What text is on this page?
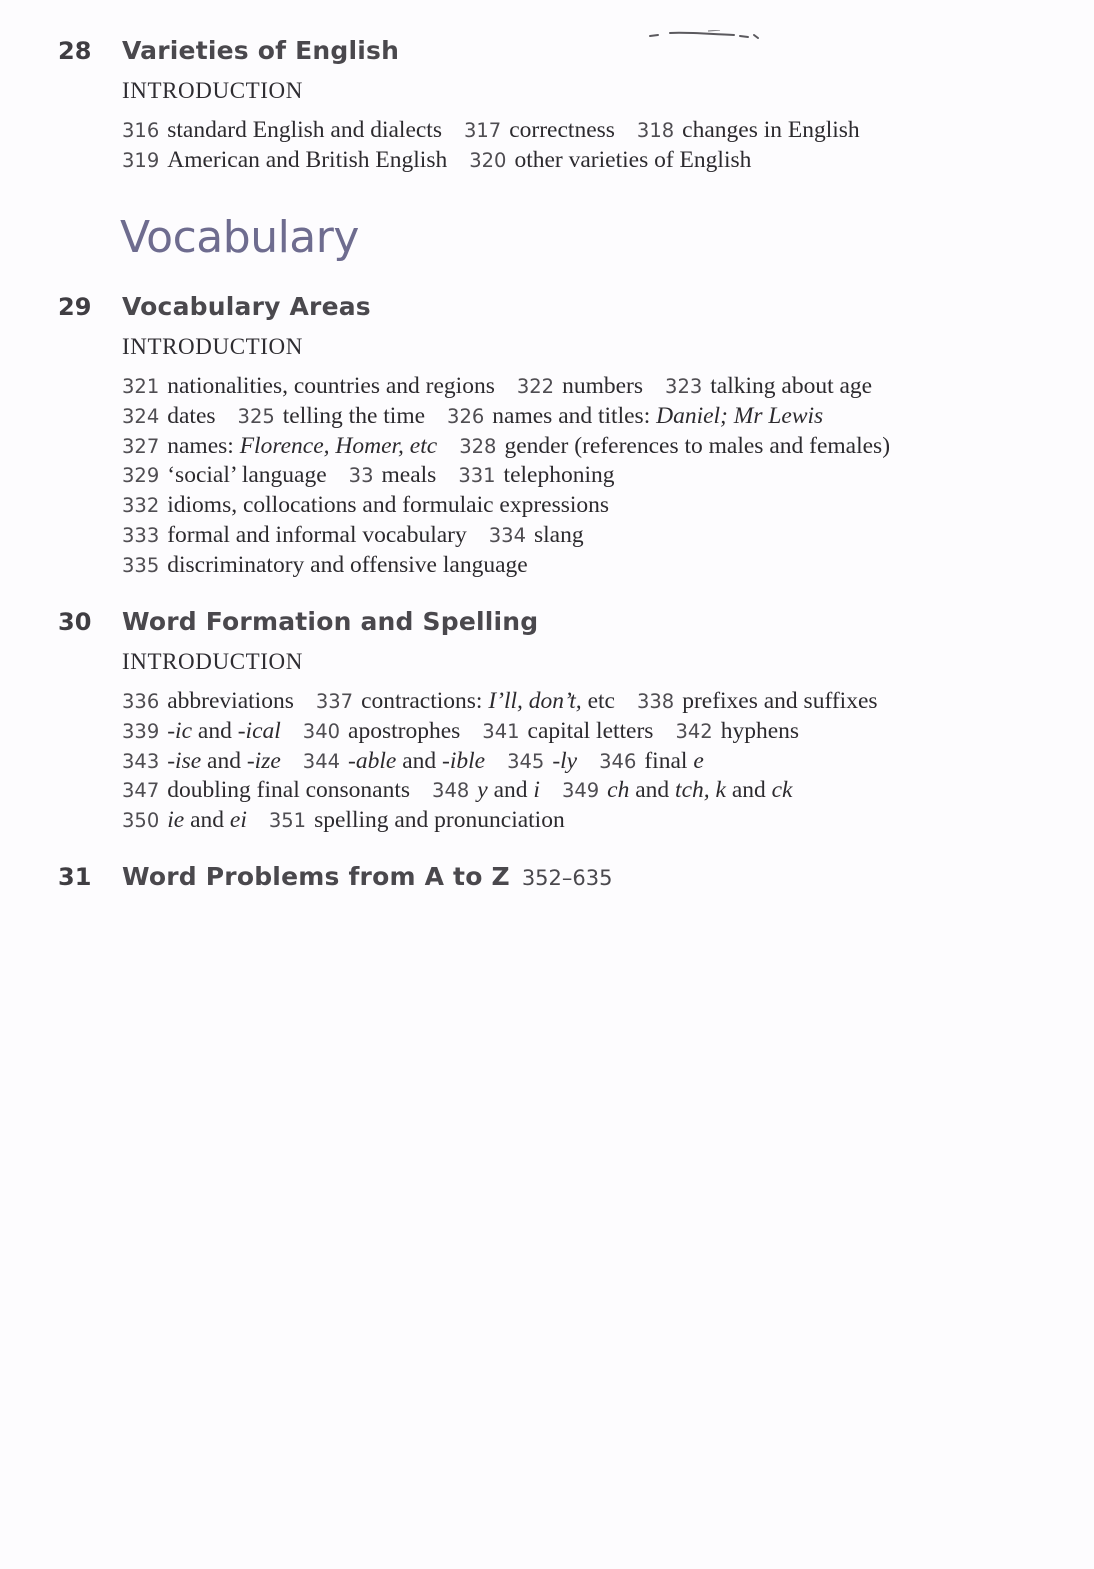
28	Varieties of English
INTRODUCTION
316 standard English and dialects 317 correctness 318 changes in English
319 American and British English 320 other varieties of English
Vocabulary
29	Vocabulary Areas
INTRODUCTION
321 nationalities, countries and regions 322 numbers 323 talking about age
324 dates 325 telling the time 326 names and titles: Daniel; Mr Lewis
327 names: Florence, Homer, etc 328 gender (references to males and females)
329 ‘social’ language 33 meals 331 telephoning
332 idioms, collocations and formulaic expressions
333 formal and informal vocabulary 334 slang
335 discriminatory and offensive language
30	Word Formation and Spelling
INTRODUCTION
336 abbreviations 337 contractions: I’ll, don’t, etc 338 prefixes and suffixes
339 -ic and -ical 340 apostrophes 341 capital letters 342 hyphens
343 -ise and -ize 344 -able and -ible 345 -ly 346 final e
347 doubling final consonants 348 y and i 349 ch and tch, k and ck
350 ie and ei 351 spelling and pronunciation
31	Word Problems from A to Z 352–635
